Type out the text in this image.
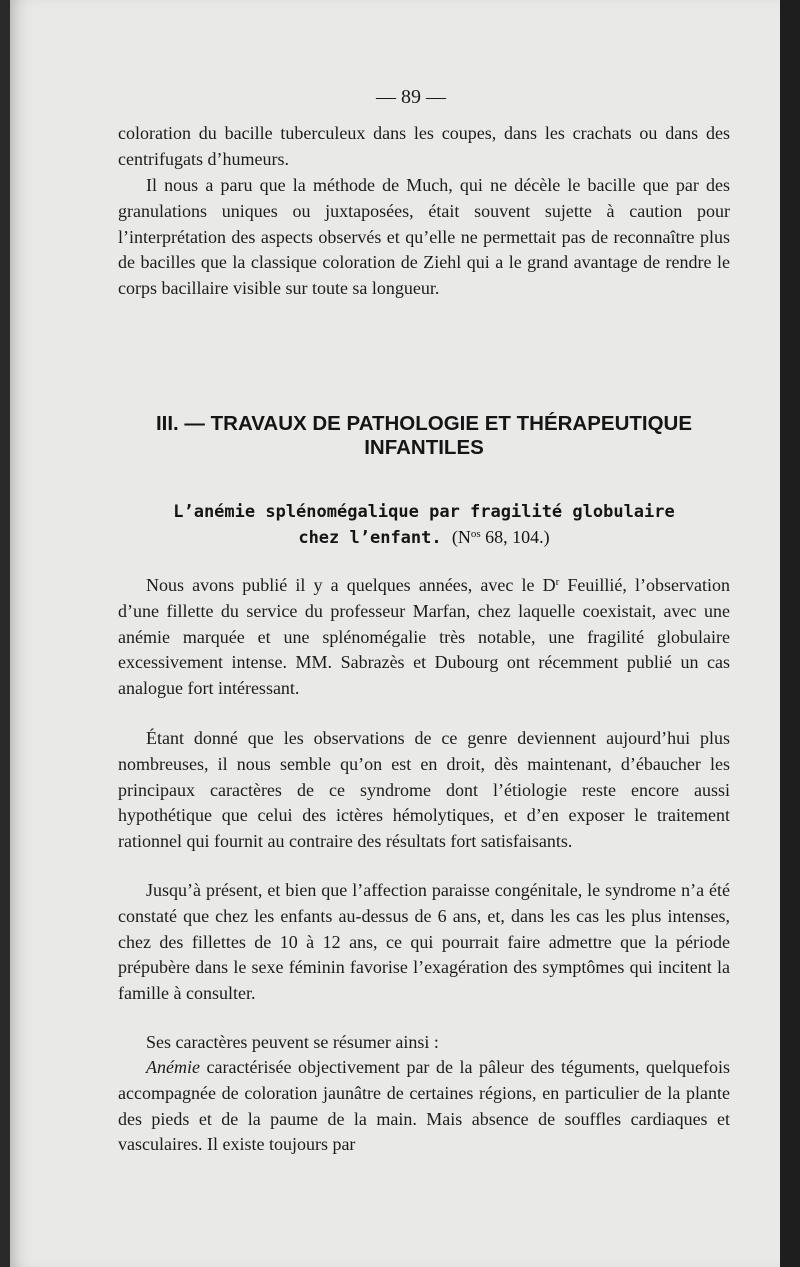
— 89 —

coloration du bacille tuberculeux dans les coupes, dans les crachats ou dans des centrifugats d’humeurs.

Il nous a paru que la méthode de Much, qui ne décèle le bacille que par des granulations uniques ou juxtaposées, était souvent sujette à caution pour l’interprétation des aspects observés et qu’elle ne permettait pas de reconnaître plus de bacilles que la classique coloration de Ziehl qui a le grand avantage de rendre le corps bacillaire visible sur toute sa longueur.

III. — TRAVAUX DE PATHOLOGIE ET THÉRAPEUTIQUE
INFANTILES
L’anémie splénomégalique par fragilité globulaire
chez l’enfant. ($N^{os}$ 68, 104.)

Nous avons publié il y a quelques années, avec le $D^r$ Feuillié, l’observation d’une fillette du service du professeur Marfan, chez laquelle coexistait, avec une anémie marquée et une splénomégalie très notable, une fragilité globulaire excessivement intense. MM. Sabrazès et Dubourg ont récemment publié un cas analogue fort intéressant.

Étant donné que les observations de ce genre deviennent aujourd’hui plus nombreuses, il nous semble qu’on est en droit, dès maintenant, d’ébaucher les principaux caractères de ce syndrome dont l’étiologie reste encore aussi hypothétique que celui des ictères hémolytiques, et d’en exposer le traitement rationnel qui fournit au contraire des résultats fort satisfaisants.

Jusqu’à présent, et bien que l’affection paraisse congénitale, le syndrome n’a été constaté que chez les enfants au-dessus de 6 ans, et, dans les cas les plus intenses, chez des fillettes de 10 à 12 ans, ce qui pourrait faire admettre que la période prépubère dans le sexe féminin favorise l’exagération des symptômes qui incitent la famille à consulter.

Ses caractères peuvent se résumer ainsi :

Anémie caractérisée objectivement par de la pâleur des téguments, quelquefois accompagnée de coloration jaunâtre de certaines régions, en particulier de la plante des pieds et de la paume de la main. Mais absence de souffles cardiaques et vasculaires. Il existe toujours par
